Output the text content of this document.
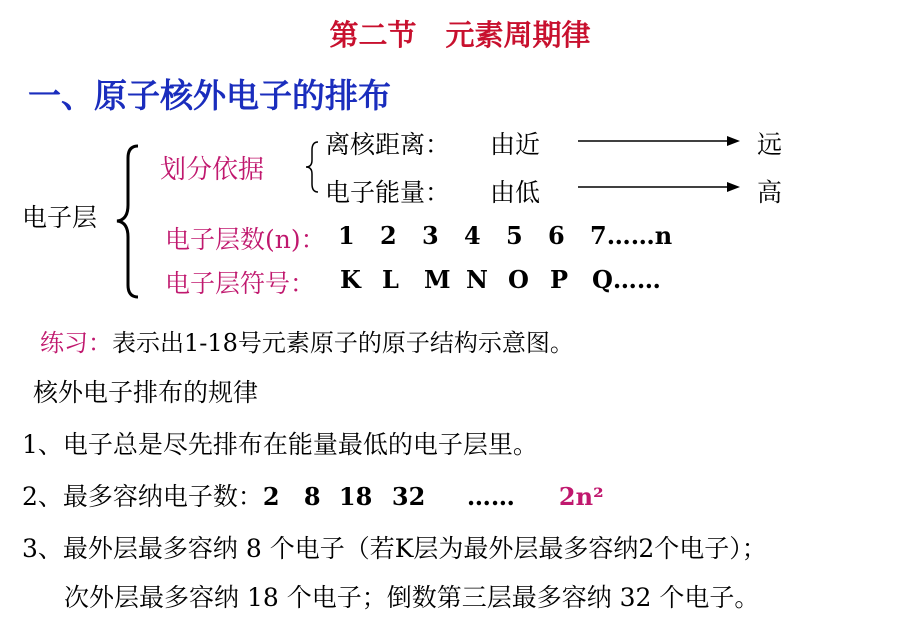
第二节　元素周期律
一、原子核外电子的排布
电子层
划分依据
离核距离： 由近	远
电子能量： 由低	高
电子层数(n)： 1 2 3 4 5 6 7……n
电子层符号： K L M N O P Q……
练习：表示出1-18号元素原子的原子结构示意图。
核外电子排布的规律
1、电子总是尽先排布在能量最低的电子层里。
2、最多容纳电子数：2 8 18 32 …… 2n²
3、最外层最多容纳 8 个电子（若K层为最外层最多容纳2个电子）；
次外层最多容纳 18 个电子；倒数第三层最多容纳 32 个电子。
